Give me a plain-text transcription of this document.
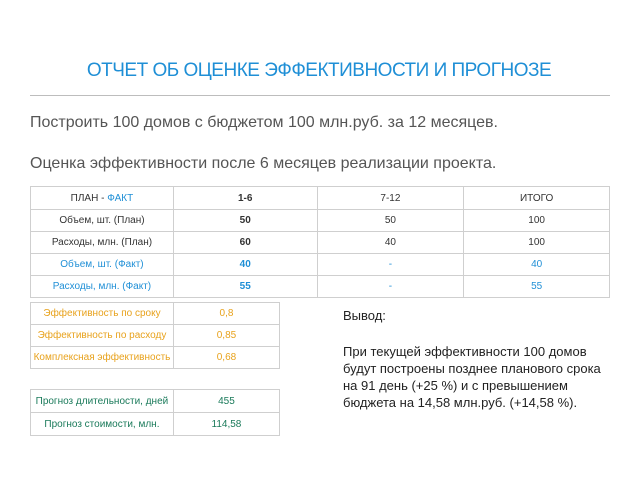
ОТЧЕТ ОБ ОЦЕНКЕ ЭФФЕКТИВНОСТИ И ПРОГНОЗЕ
Построить 100 домов с бюджетом 100 млн.руб. за 12 месяцев.
Оценка эффективности после 6 месяцев реализации проекта.
ПЛАН - ФАКТ	1-6	7-12	ИТОГО
Объем, шт. (План)	50	50	100
Расходы, млн. (План)	60	40	100
Объем, шт. (Факт)	40	-	40
Расходы, млн. (Факт)	55	-	55
Эффективность по сроку	0,8
Эффективность по расходу	0,85
Комплексная эффективность	0,68
Прогноз длительности, дней	455
Прогноз стоимости, млн.	114,58
Вывод:
При текущей эффективности 100 домов будут построены позднее планового срока на 91 день (+25 %) и с превышением бюджета на 14,58 млн.руб. (+14,58 %).
